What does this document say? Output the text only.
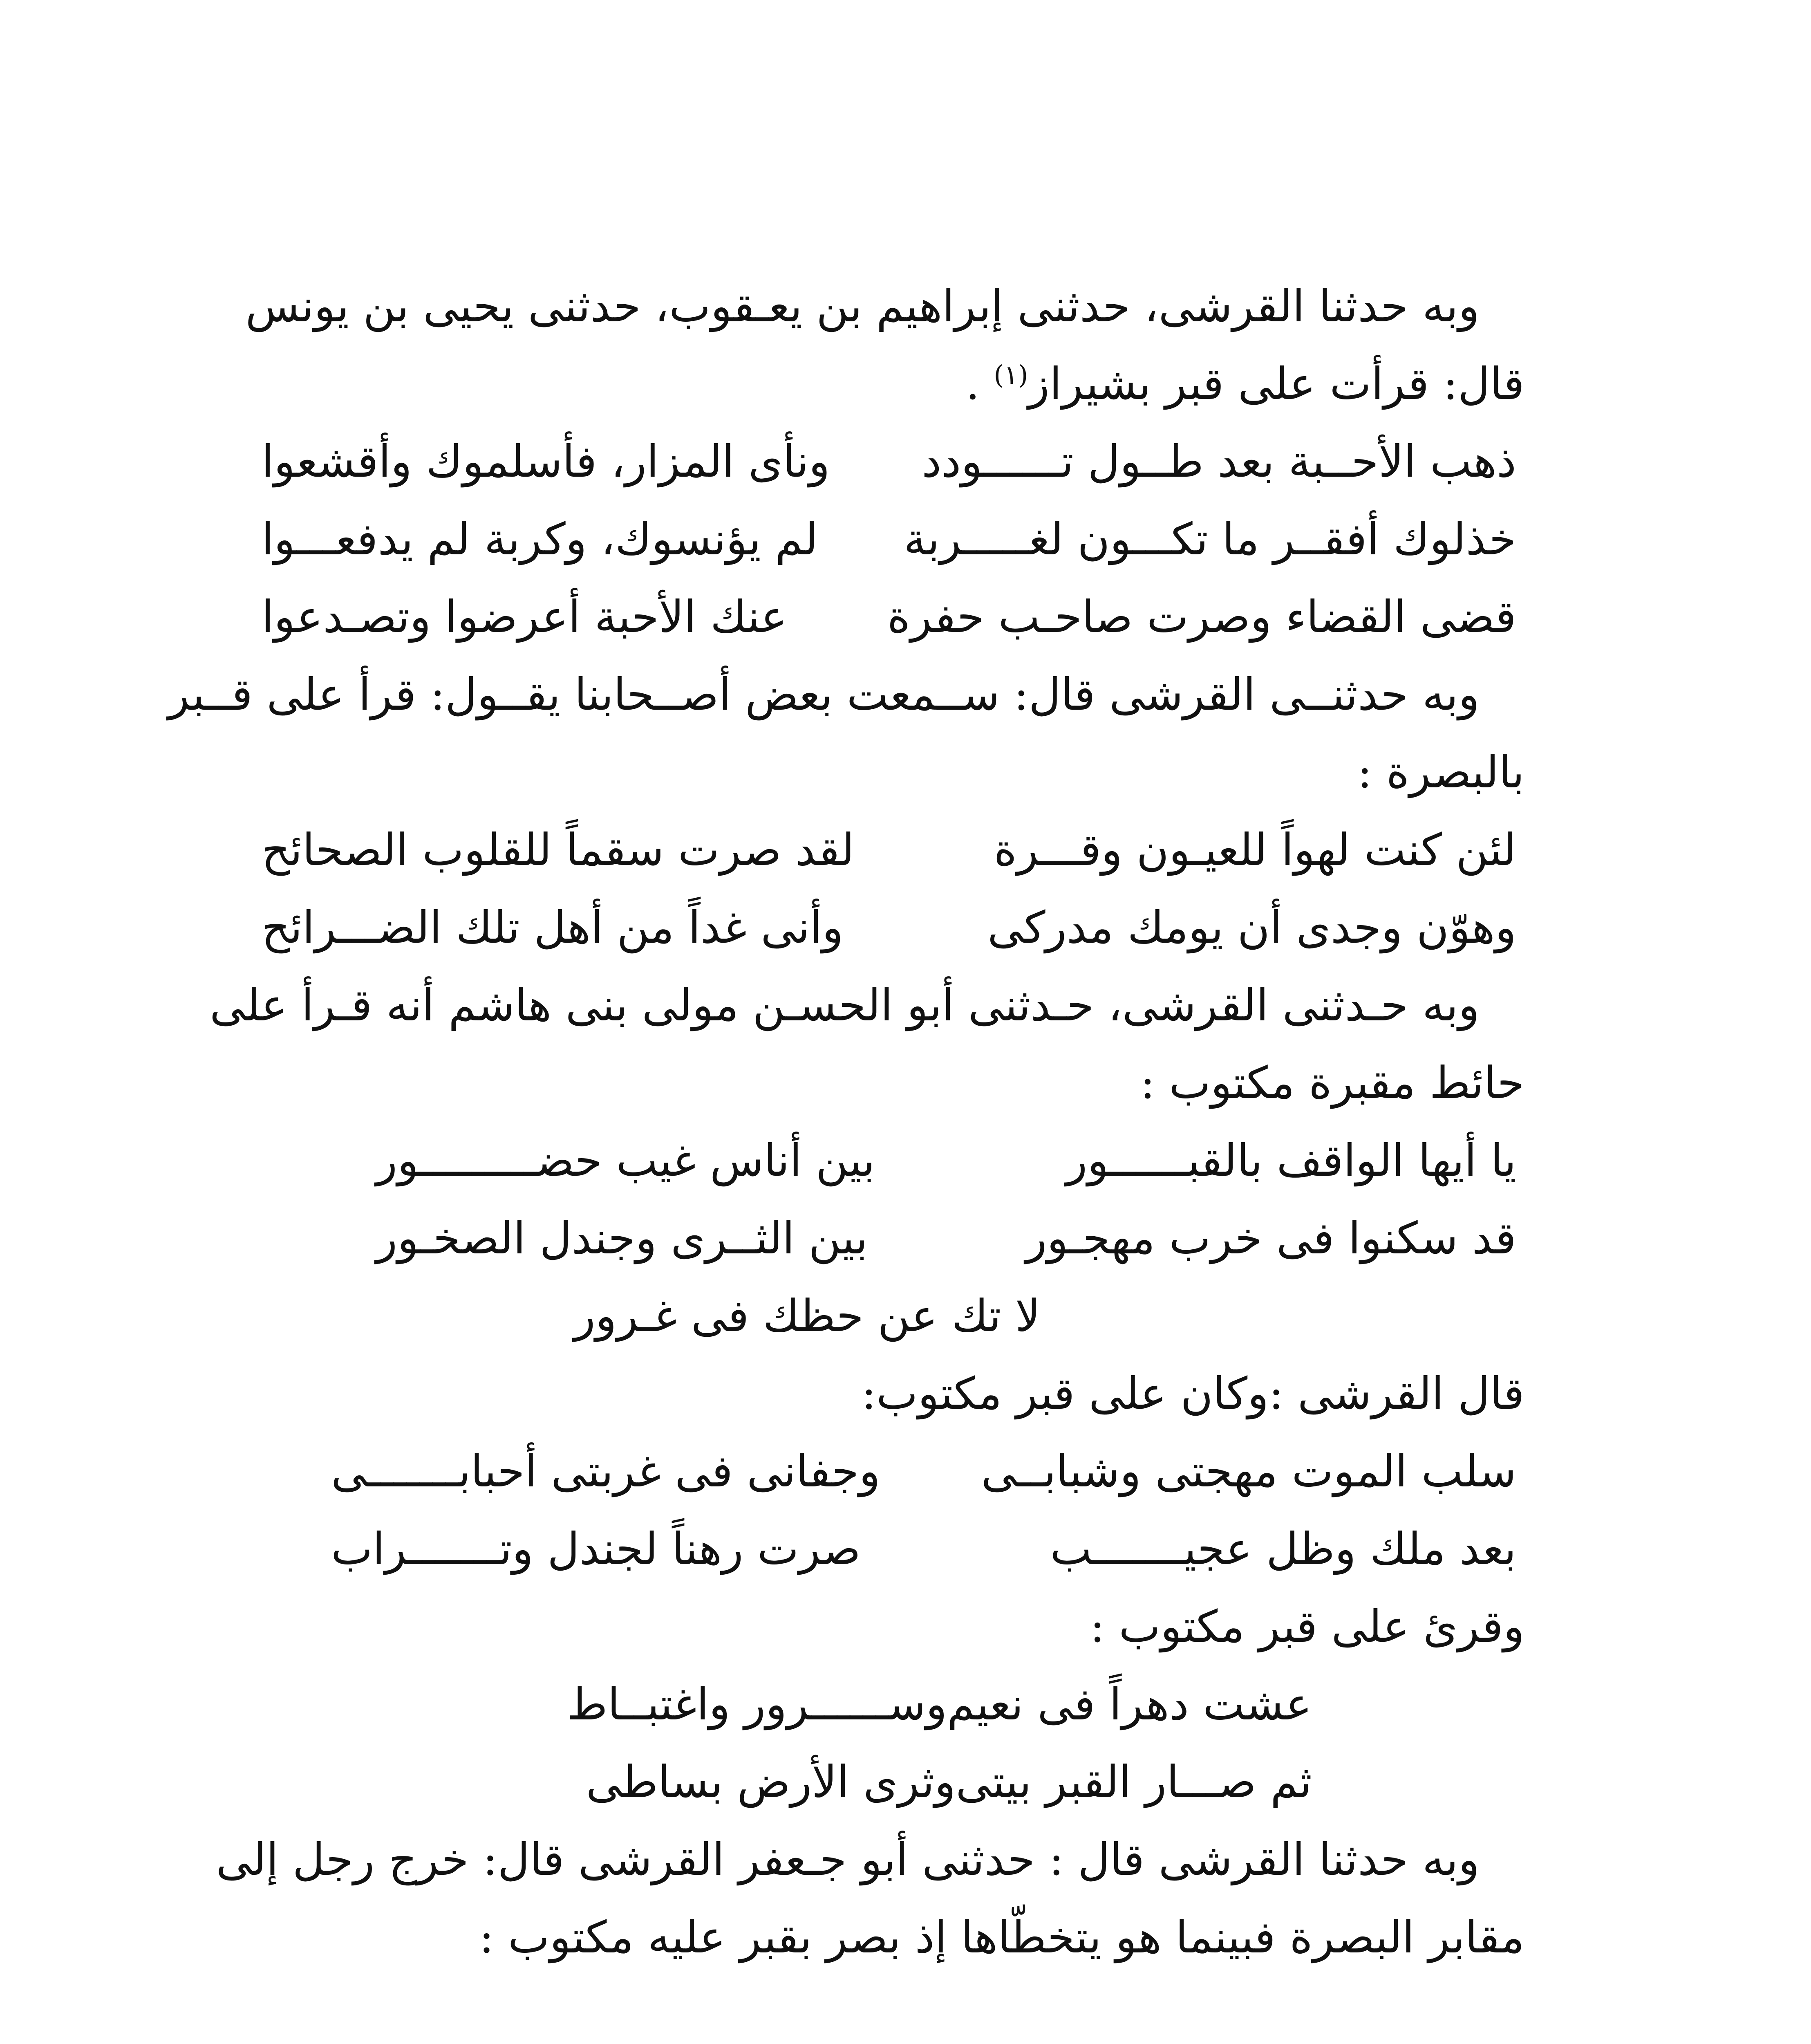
وبه حدثنا القرشى، حدثنى إبراهيم بن يعـقوب، حدثنى يحيى بن يونس

قال: قرأت على قبر بشيراز$^{(١)}$ .

ذهب الأحــبة بعد طــول تــــــودد
ونأى المزار، فأسلموك وأقشعوا
خذلوك أفقــر ما تكـــون لغـــــربة
لم يؤنسوك، وكربة لم يدفعـــوا
قضى القضاء وصرت صاحـب حفرة
عنك الأحبة أعرضوا وتصـدعوا

وبه حدثنــى القرشى قال: ســمعت بعض أصــحابنا يقــول: قرأ على قــبر

بالبصرة :

لئن كنت لهواً للعيـون وقـــرة
لقد صرت سقماً للقلوب الصحائح
وهوّن وجدى أن يومك مدركى
وأنى غداً من أهل تلك الضـــرائح

وبه حـدثنى القرشى، حـدثنى أبو الحسـن مولى بنى هاشم أنه قـرأ على

حائط مقبرة مكتوب :

يا أيها الواقف بالقبــــــور
بين أناس غيب حضـــــــــور
قد سكنوا فى خرب مهجـور
بين الثــرى وجندل الصخـور
لا تك عن حظك فى غـرور

قال القرشى :وكان على قبر مكتوب:

سلب الموت مهجتى وشبابــى
وجفانى فى غربتى أحبابـــــــى
بعد ملك وظل عجيـــــــب
صرت رهناً لجندل وتـــــــراب

وقرئ على قبر مكتوب :

عشت دهراً فى نعيم
وســــــرور واغتبــاط
ثم صـــار القبر بيتى
وثرى الأرض بساطى

وبه حدثنا القرشى قال : حدثنى أبو جـعفر القرشى قال: خرج رجل إلى

مقابر البصرة فبينما هو يتخطّاها إذ بصر بقبر عليه مكتوب :
